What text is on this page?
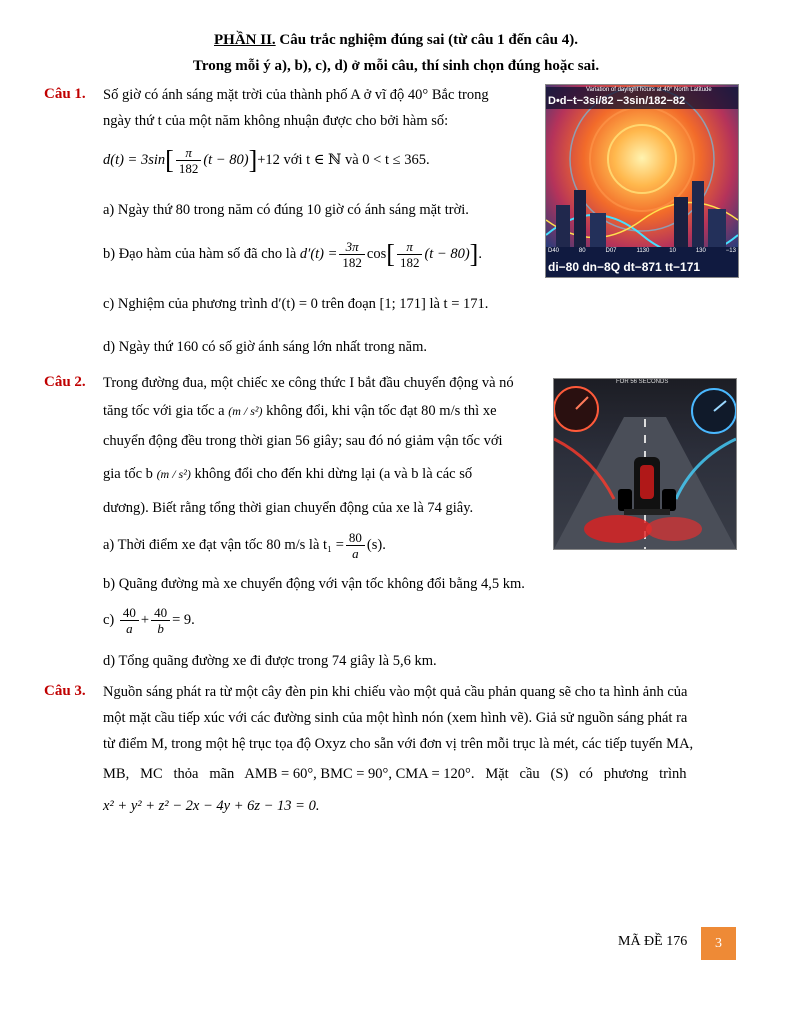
PHẦN II. Câu trắc nghiệm đúng sai (từ câu 1 đến câu 4).
Trong mỗi ý a), b), c), d) ở mỗi câu, thí sinh chọn đúng hoặc sai.
Câu 1. Số giờ có ánh sáng mặt trời của thành phố A ở vĩ độ 40° Bắc trong
ngày thứ t của một năm không nhuận được cho bởi hàm số:
$d(t) = 3\sin[ \frac{\pi}{182} (t - 80)]+12$ với t ∈ ℕ và 0 < t ≤ 365.
a) Ngày thứ 80 trong năm có đúng 10 giờ có ánh sáng mặt trời.
b) Đạo hàm của hàm số đã cho là $d'(t) = \frac{3\pi}{182} \cos[ \frac{\pi}{182} (t - 80)]$.
c) Nghiệm của phương trình d′(t) = 0 trên đoạn [1; 171] là t = 171.
d) Ngày thứ 160 có số giờ ánh sáng lớn nhất trong năm.
Variation of daylight hours at 40° North Latitude
D•d−t−3si/82 −3sin/182−82
di−80 dn−8Q dt−871 tt−171
D40	80	D07	1130	10	130	−13
Câu 2. Trong đường đua, một chiếc xe công thức I bắt đầu chuyển động và nó
tăng tốc với gia tốc a (m / s²) không đổi, khi vận tốc đạt 80 m/s thì xe
chuyển động đều trong thời gian 56 giây; sau đó nó giảm vận tốc với
gia tốc b (m / s²) không đổi cho đến khi dừng lại (a và b là các số
dương). Biết rằng tổng thời gian chuyển động của xe là 74 giây.
a) Thời điểm xe đạt vận tốc 80 m/s là $t_1 = \frac{80}{a} (s)$.
b) Quãng đường mà xe chuyển động với vận tốc không đổi bằng 4,5 km.
$c) \frac{40}{a} + \frac{40}{b} = 9$.
d) Tổng quãng đường xe đi được trong 74 giây là 5,6 km.
FOR 56 SECONDS
Câu 3. Nguồn sáng phát ra từ một cây đèn pin khi chiếu vào một quả cầu phản quang sẽ cho ta hình ảnh của
một mặt cầu tiếp xúc với các đường sinh của một hình nón (xem hình vẽ). Giả sử nguồn sáng phát ra
từ điểm M, trong một hệ trục tọa độ Oxyz cho sẵn với đơn vị trên mỗi trục là mét, các tiếp tuyến MA,
MB,   MC   thỏa   mãn   AMB = 60°, BMC = 90°, CMA = 120°.   Mặt   cầu   (S)   có   phương   trình
x² + y² + z² − 2x − 4y + 6z − 13 = 0.
MÃ ĐỀ 176	3
